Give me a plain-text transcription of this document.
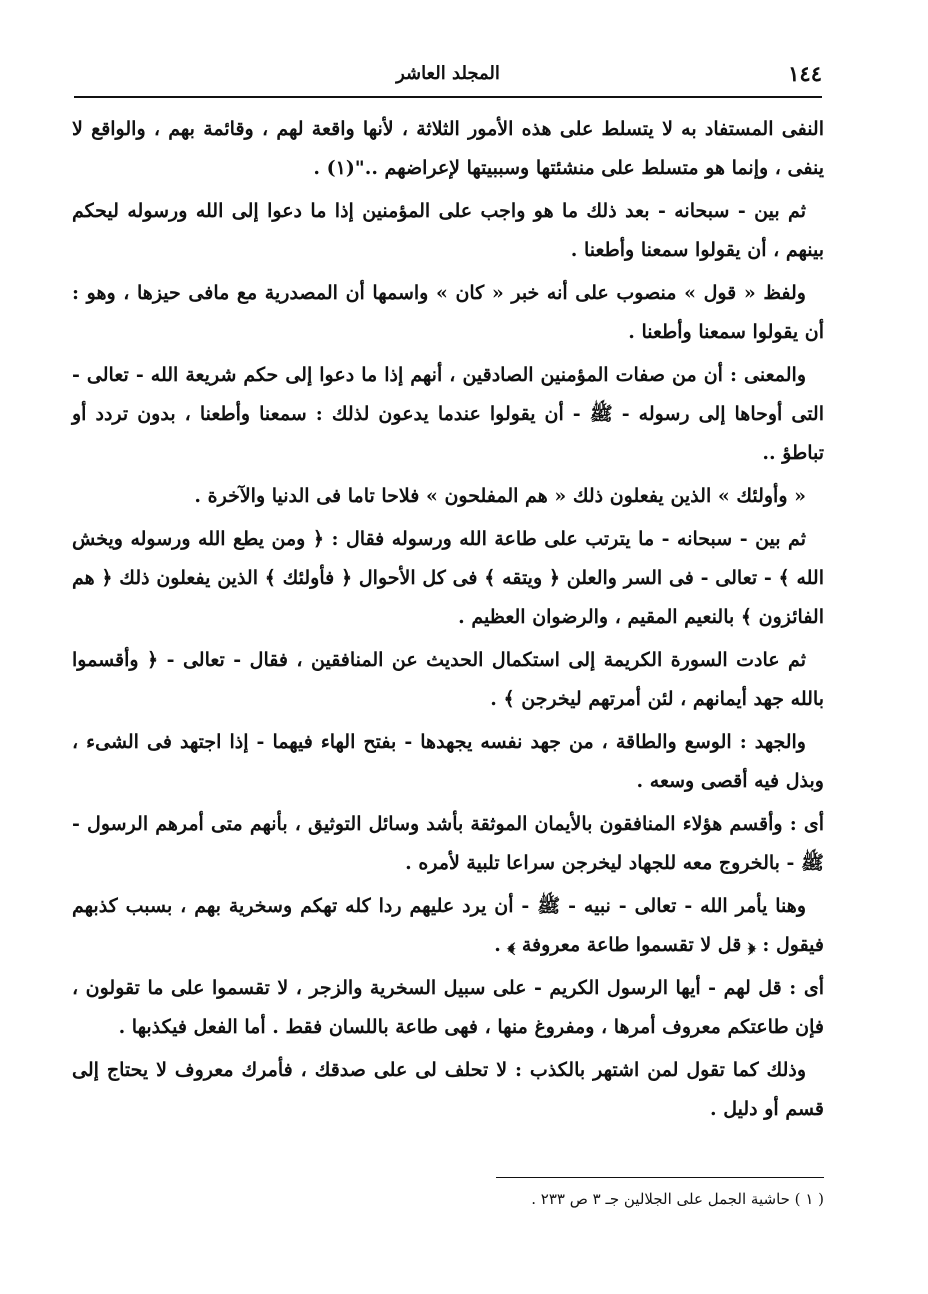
١٤٤
المجلد العاشر

النفى المستفاد به لا يتسلط على هذه الأمور الثلاثة ، لأنها واقعة لهم ، وقائمة بهم ، والواقع لا ينفى ، وإنما هو متسلط على منشئتها وسببيتها لإعراضهم .."(١) .

ثم بين - سبحانه - بعد ذلك ما هو واجب على المؤمنين إذا ما دعوا إلى الله ورسوله ليحكم بينهم ، أن يقولوا سمعنا وأطعنا .

ولفظ « قول » منصوب على أنه خبر « كان » واسمها أن المصدرية مع مافى حيزها ، وهو : أن يقولوا سمعنا وأطعنا .

والمعنى : أن من صفات المؤمنين الصادقين ، أنهم إذا ما دعوا إلى حكم شريعة الله - تعالى - التى أوحاها إلى رسوله - ﷺ - أن يقولوا عندما يدعون لذلك : سمعنا وأطعنا ، بدون تردد أو تباطؤ ..

« وأولئك » الذين يفعلون ذلك « هم المفلحون » فلاحا تاما فى الدنيا والآخرة .

ثم بين - سبحانه - ما يترتب على طاعة الله ورسوله فقال : ﴿ ومن يطع الله ورسوله ويخش الله ﴾ - تعالى - فى السر والعلن ﴿ ويتقه ﴾ فى كل الأحوال ﴿ فأولئك ﴾ الذين يفعلون ذلك ﴿ هم الفائزون ﴾ بالنعيم المقيم ، والرضوان العظيم .

ثم عادت السورة الكريمة إلى استكمال الحديث عن المنافقين ، فقال - تعالى - ﴿ وأقسموا بالله جهد أيمانهم ، لئن أمرتهم ليخرجن ﴾ .

والجهد : الوسع والطاقة ، من جهد نفسه يجهدها - بفتح الهاء فيهما - إذا اجتهد فى الشىء ، وبذل فيه أقصى وسعه .

أى : وأقسم هؤلاء المنافقون بالأيمان الموثقة بأشد وسائل التوثيق ، بأنهم متى أمرهم الرسول - ﷺ - بالخروج معه للجهاد ليخرجن سراعا تلبية لأمره .

وهنا يأمر الله - تعالى - نبيه - ﷺ - أن يرد عليهم ردا كله تهكم وسخرية بهم ، بسبب كذبهم فيقول : ﴿ قل لا تقسموا طاعة معروفة ﴾ .

أى : قل لهم - أيها الرسول الكريم - على سبيل السخرية والزجر ، لا تقسموا على ما تقولون ، فإن طاعتكم معروف أمرها ، ومفروغ منها ، فهى طاعة باللسان فقط . أما الفعل فيكذبها .

وذلك كما تقول لمن اشتهر بالكذب : لا تحلف لى على صدقك ، فأمرك معروف لا يحتاج إلى قسم أو دليل .

( ١ ) حاشية الجمل على الجلالين جـ ٣ ص ٢٣٣ .
